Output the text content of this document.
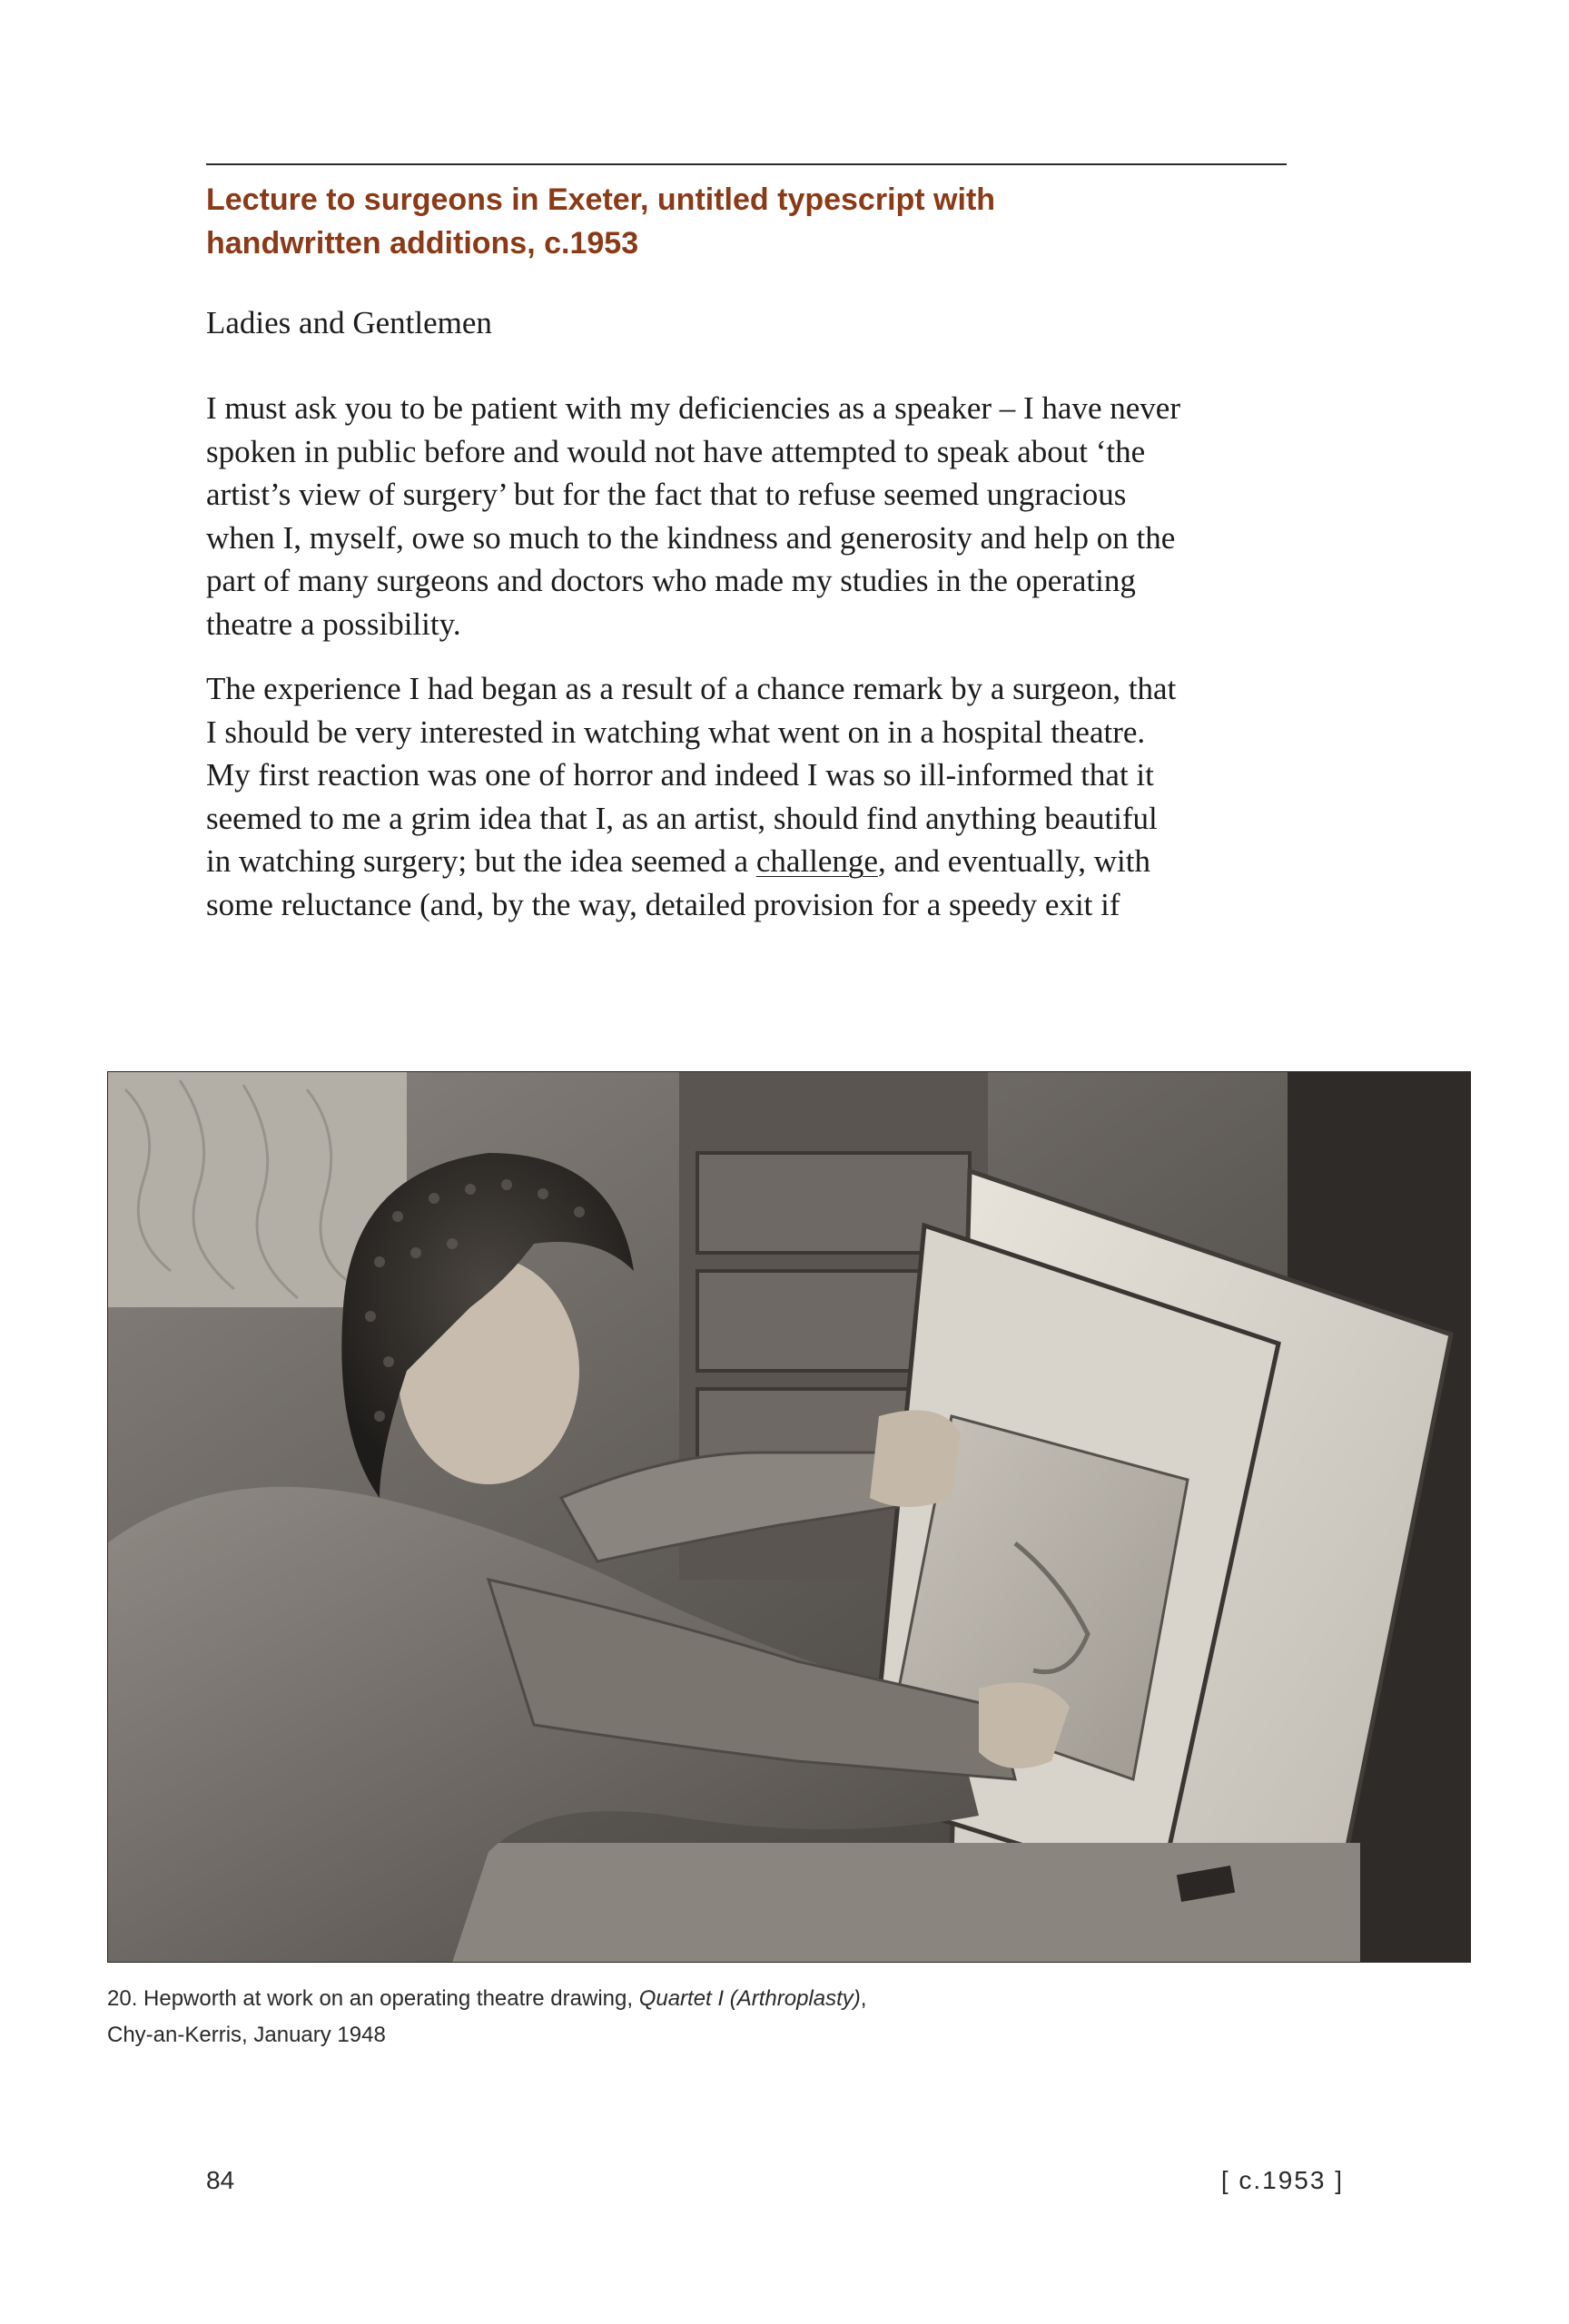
Lecture to surgeons in Exeter, untitled typescript with
handwritten additions, c.1953

Ladies and Gentlemen

I must ask you to be patient with my deficiencies as a speaker – I have never
spoken in public before and would not have attempted to speak about ‘the
artist’s view of surgery’ but for the fact that to refuse seemed ungracious
when I, myself, owe so much to the kindness and generosity and help on the
part of many surgeons and doctors who made my studies in the operating
theatre a possibility.

The experience I had began as a result of a chance remark by a surgeon, that
I should be very interested in watching what went on in a hospital theatre.
My first reaction was one of horror and indeed I was so ill-informed that it
seemed to me a grim idea that I, as an artist, should find anything beautiful
in watching surgery; but the idea seemed a challenge, and eventually, with
some reluctance (and, by the way, detailed provision for a speedy exit if

20. Hepworth at work on an operating theatre drawing, Quartet I (Arthroplasty),
Chy-an-Kerris, January 1948

84	[ c.1953 ]
